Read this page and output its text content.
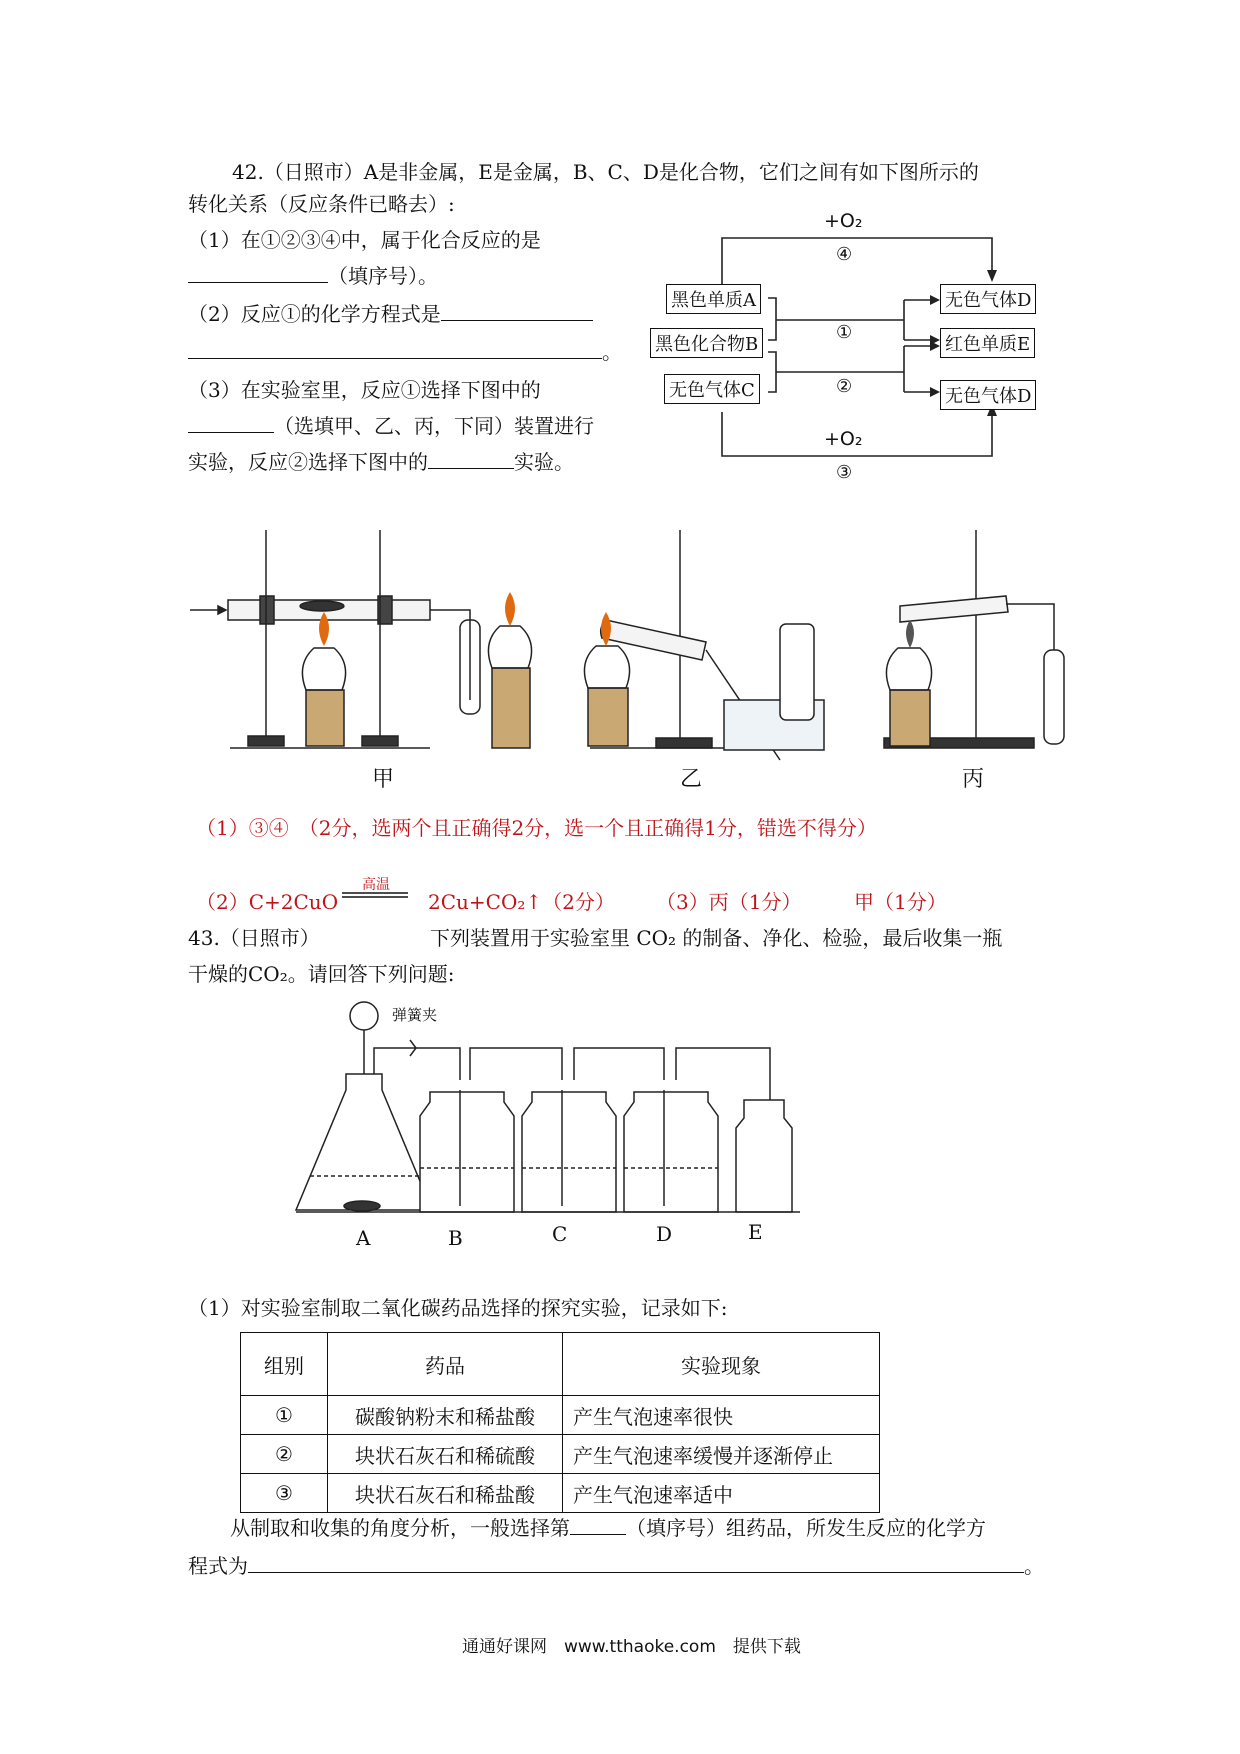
42.（日照市）A是非金属，E是金属，B、C、D是化合物，它们之间有如下图所示的
转化关系（反应条件已略去）:
（1）在①②③④中，属于化合反应的是
（填序号）。
（2）反应①的化学方程式是
。
（3）在实验室里，反应①选择下图中的
（选填甲、乙、丙，下同）装置进行
实验，反应②选择下图中的	实验。
+O₂
④
①
②
+O₂
③
黑色单质A
黑色化合物B
无色气体C
无色气体D
红色单质E
无色气体D
甲	乙	丙
（1）③④　（2分，选两个且正确得2分，选一个且正确得1分，错选不得分）
（2）C+2CuO
高温
2Cu+CO₂↑（2分） （3）丙（1分）	甲（1分）
43.（日照市）	下列装置用于实验室里 CO₂ 的制备、净化、检验，最后收集一瓶
干燥的CO₂。请回答下列问题:
弹簧夹
A	B	C	D	E
（1）对实验室制取二氧化碳药品选择的探究实验，记录如下:
组别	药品	实验现象
①	碳酸钠粉末和稀盐酸	产生气泡速率很快
②	块状石灰石和稀硫酸	产生气泡速率缓慢并逐渐停止
③	块状石灰石和稀盐酸	产生气泡速率适中
从制取和收集的角度分析，一般选择第	（填序号）组药品，所发生反应的化学方
程式为	。
通通好课网　www.tthaoke.com　提供下载
